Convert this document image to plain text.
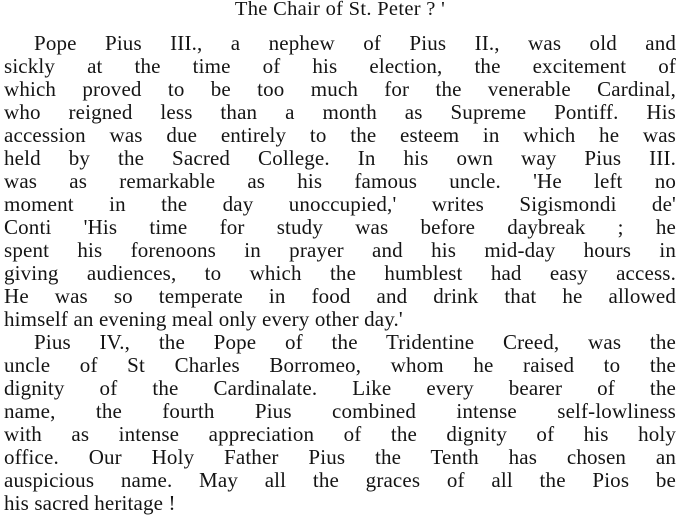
The Chair of St. Peter ? '
Pope Pius III., a nephew of Pius II., was old and
sickly at the time of his election, the excitement of
which proved to be too much for the venerable Cardinal,
who reigned less than a month as Supreme Pontiff. His
accession was due entirely to the esteem in which he was
held by the Sacred College. In his own way Pius III.
was as remarkable as his famous uncle. 'He left no
moment in the day unoccupied,' writes Sigismondi de'
Conti 'His time for study was before daybreak ; he
spent his forenoons in prayer and his mid-day hours in
giving audiences, to which the humblest had easy access.
He was so temperate in food and drink that he allowed
himself an evening meal only every other day.'
Pius IV., the Pope of the Tridentine Creed, was the
uncle of St Charles Borromeo, whom he raised to the
dignity of the Cardinalate. Like every bearer of the
name, the fourth Pius combined intense self-lowliness
with as intense appreciation of the dignity of his holy
office. Our Holy Father Pius the Tenth has chosen an
auspicious name. May all the graces of all the Pios be
his sacred heritage !
